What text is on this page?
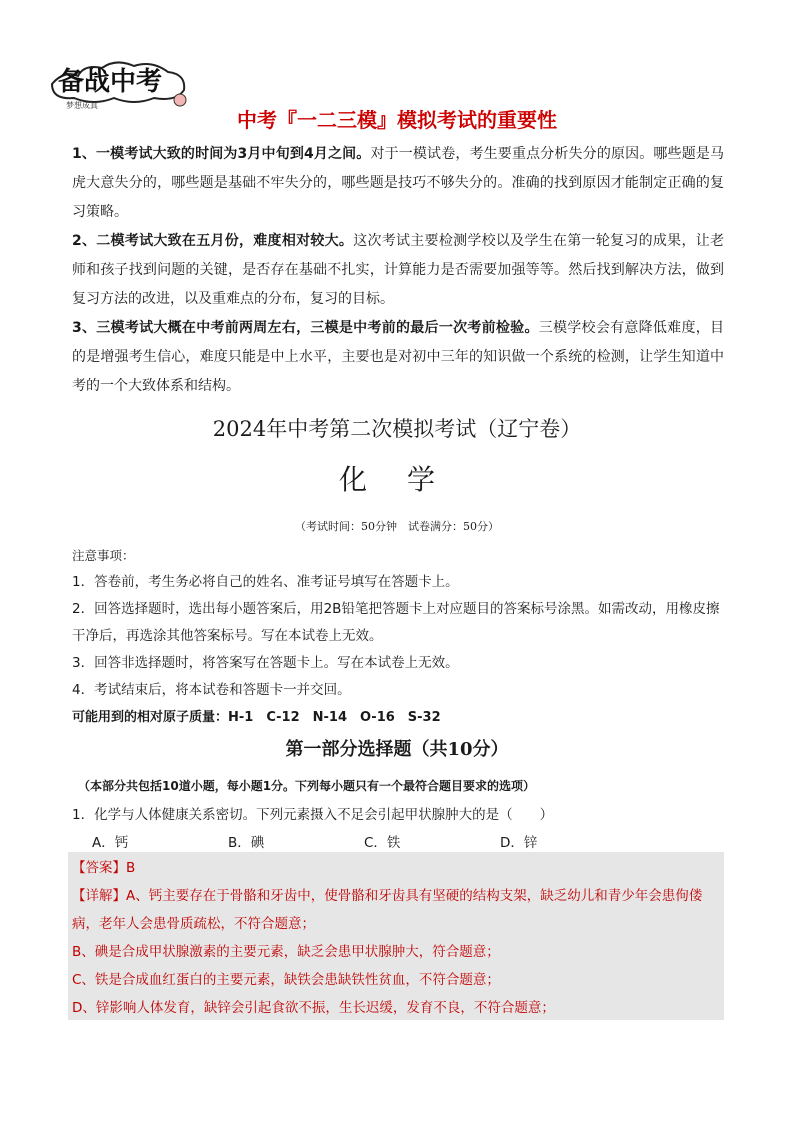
备战中考
梦想成真
中考『一二三模』模拟考试的重要性

1、一模考试大致的时间为3月中旬到4月之间。对于一模试卷，考生要重点分析失分的原因。哪些题是马虎大意失分的，哪些题是基础不牢失分的，哪些题是技巧不够失分的。准确的找到原因才能制定正确的复习策略。

2、二模考试大致在五月份，难度相对较大。这次考试主要检测学校以及学生在第一轮复习的成果，让老师和孩子找到问题的关键，是否存在基础不扎实，计算能力是否需要加强等等。然后找到解决方法，做到复习方法的改进，以及重难点的分布，复习的目标。

3、三模考试大概在中考前两周左右，三模是中考前的最后一次考前检验。三模学校会有意降低难度，目的是增强考生信心，难度只能是中上水平，主要也是对初中三年的知识做一个系统的检测，让学生知道中考的一个大致体系和结构。

2024年中考第二次模拟考试（辽宁卷）
化学
（考试时间：50分钟　试卷满分：50分）
注意事项：
1．答卷前，考生务必将自己的姓名、准考证号填写在答题卡上。
2．回答选择题时，选出每小题答案后，用2B铅笔把答题卡上对应题目的答案标号涂黑。如需改动，用橡皮擦干净后，再选涂其他答案标号。写在本试卷上无效。
3．回答非选择题时，将答案写在答题卡上。写在本试卷上无效。
4．考试结束后，将本试卷和答题卡一并交回。
可能用到的相对原子质量：H-1　C-12　N-14　O-16　S-32
第一部分选择题（共10分）
（本部分共包括10道小题，每小题1分。下列每小题只有一个最符合题目要求的选项）
1．化学与人体健康关系密切。下列元素摄入不足会引起甲状腺肿大的是（　　）
A．钙	B．碘	C．铁	D．锌
【答案】B
【详解】A、钙主要存在于骨骼和牙齿中，使骨骼和牙齿具有坚硬的结构支架，缺乏幼儿和青少年会患佝偻病，老年人会患骨质疏松，不符合题意；
B、碘是合成甲状腺激素的主要元素，缺乏会患甲状腺肿大，符合题意；
C、铁是合成血红蛋白的主要元素，缺铁会患缺铁性贫血，不符合题意；
D、锌影响人体发育，缺锌会引起食欲不振，生长迟缓，发育不良，不符合题意；
